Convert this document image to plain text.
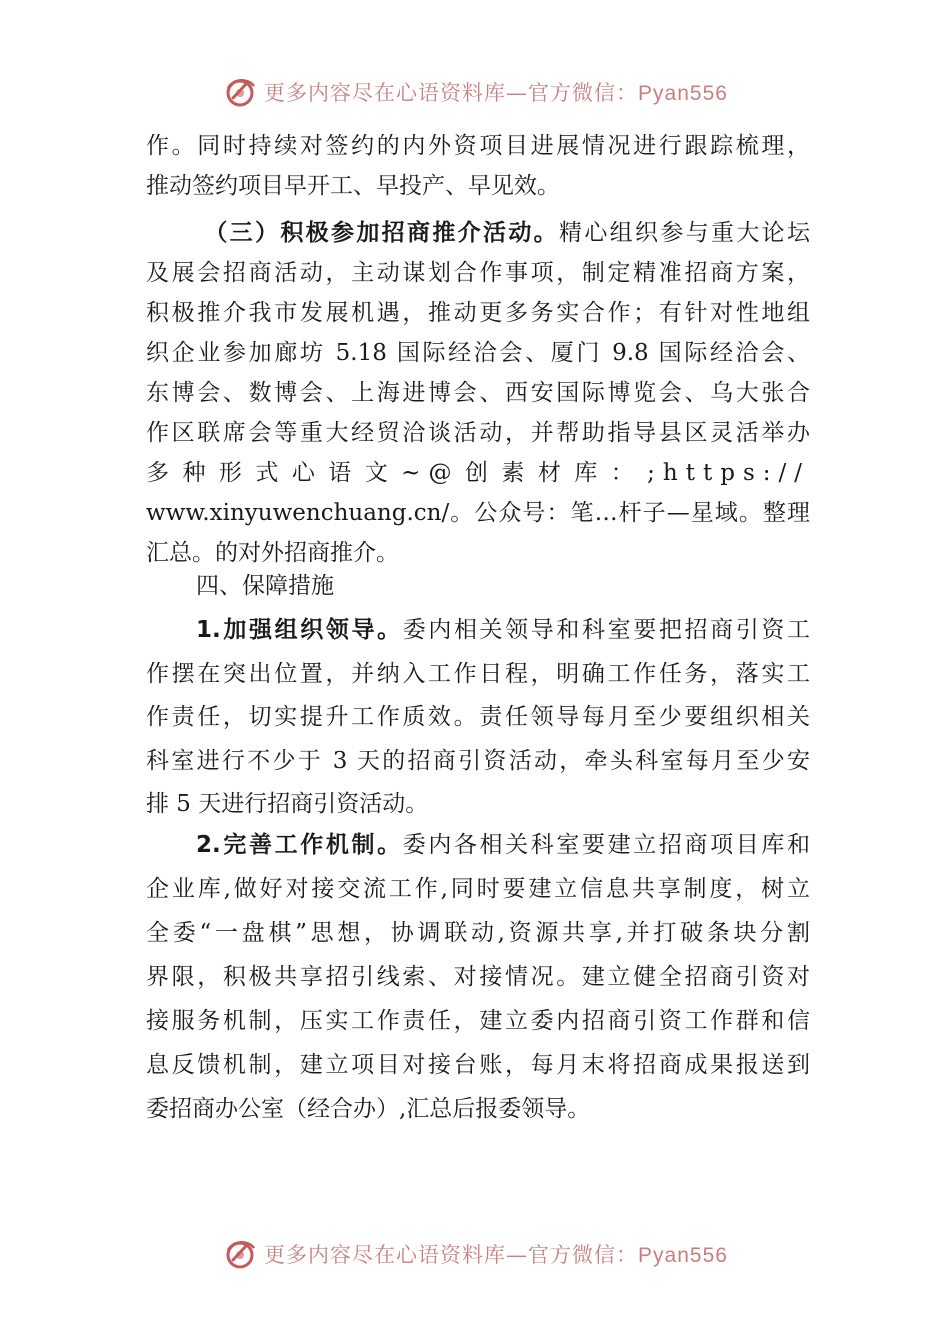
更多内容尽在心语资料库—官方微信：Pyan556
作。同时持续对签约的内外资项目进展情况进行跟踪梳理，
推动签约项目早开工、早投产、早见效。
（三）积极参加招商推介活动。精心组织参与重大论坛
及展会招商活动，主动谋划合作事项，制定精准招商方案，
积极推介我市发展机遇，推动更多务实合作；有针对性地组
织企业参加廊坊 5.18 国际经洽会、厦门 9.8 国际经洽会、
东博会、数博会、上海进博会、西安国际博览会、乌大张合
作区联席会等重大经贸洽谈活动，并帮助指导县区灵活举办
多种形式心语文~@创素材库：;https://
www.xinyuwenchuang.cn/。公众号：笔…杆子—星域。整理
汇总。的对外招商推介。
四、保障措施
1.加强组织领导。委内相关领导和科室要把招商引资工
作摆在突出位置，并纳入工作日程，明确工作任务，落实工
作责任，切实提升工作质效。责任领导每月至少要组织相关
科室进行不少于 3 天的招商引资活动，牵头科室每月至少安
排 5 天进行招商引资活动。
2.完善工作机制。委内各相关科室要建立招商项目库和
企业库,做好对接交流工作,同时要建立信息共享制度，树立
全委“一盘棋”思想，协调联动,资源共享,并打破条块分割
界限，积极共享招引线索、对接情况。建立健全招商引资对
接服务机制，压实工作责任，建立委内招商引资工作群和信
息反馈机制，建立项目对接台账，每月末将招商成果报送到
委招商办公室（经合办）,汇总后报委领导。
更多内容尽在心语资料库—官方微信：Pyan556
